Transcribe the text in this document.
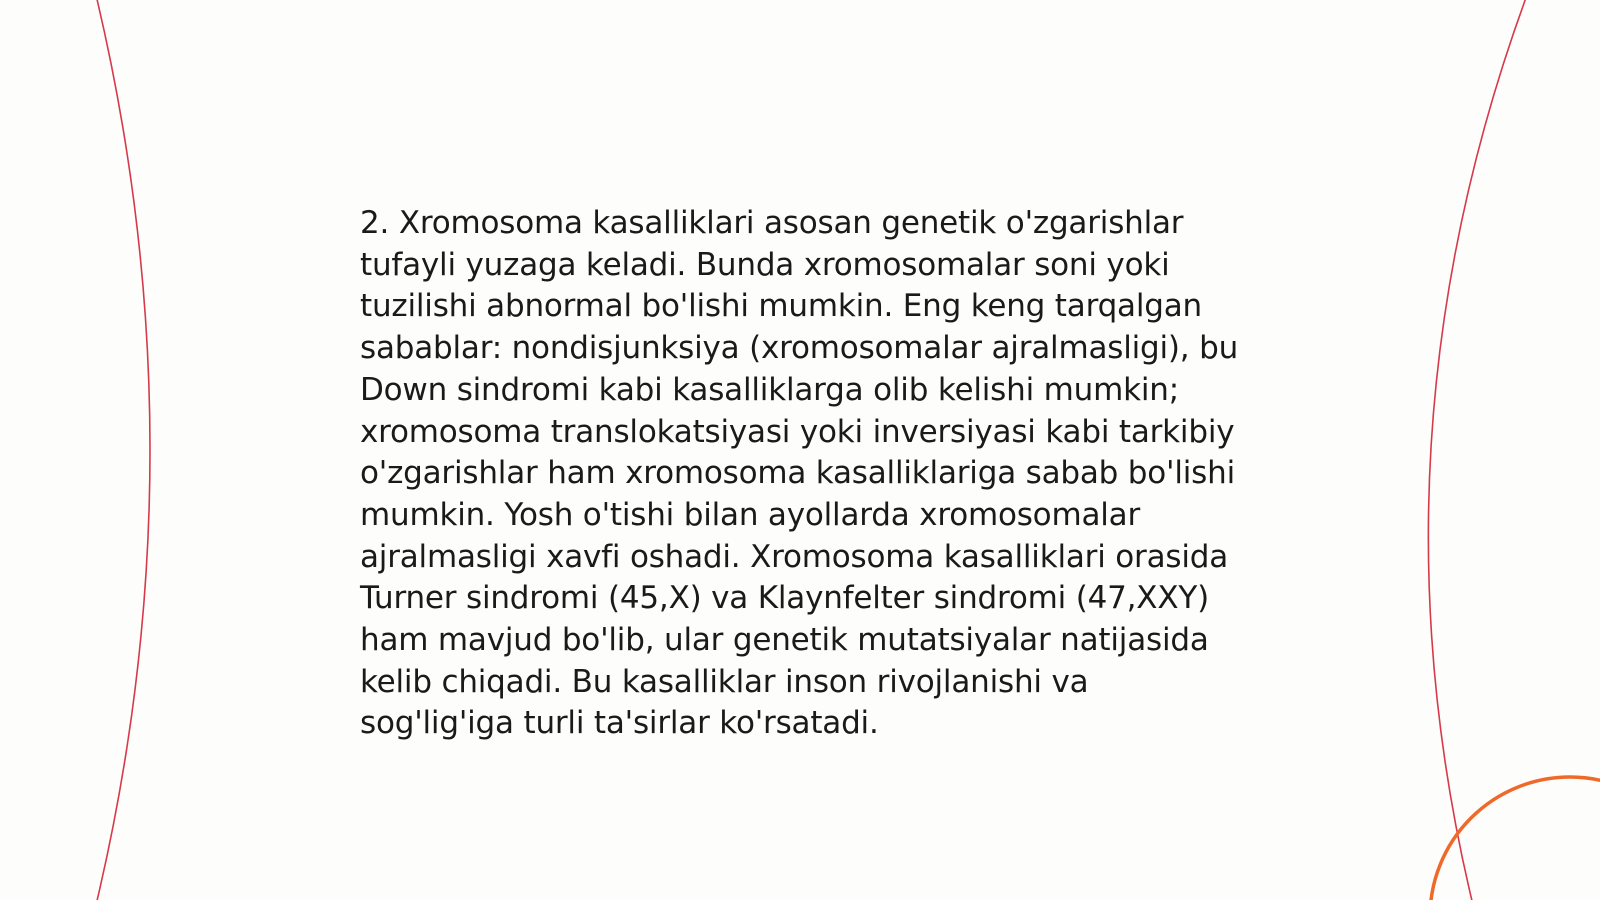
2. Xromosoma kasalliklari asosan genetik o'zgarishlar tufayli yuzaga keladi. Bunda xromosomalar soni yoki tuzilishi abnormal bo'lishi mumkin. Eng keng tarqalgan sabablar: nondisjunksiya (xromosomalar ajralmasligi), bu Down sindromi kabi kasalliklarga olib kelishi mumkin; xromosoma translokatsiyasi yoki inversiyasi kabi tarkibiy o'zgarishlar ham xromosoma kasalliklariga sabab bo'lishi mumkin. Yosh o'tishi bilan ayollarda xromosomalar ajralmasligi xavfi oshadi. Xromosoma kasalliklari orasida Turner sindromi (45,X) va Klaynfelter sindromi (47,XXY) ham mavjud bo'lib, ular genetik mutatsiyalar natijasida kelib chiqadi. Bu kasalliklar inson rivojlanishi va sog'lig'iga turli ta'sirlar ko'rsatadi.
